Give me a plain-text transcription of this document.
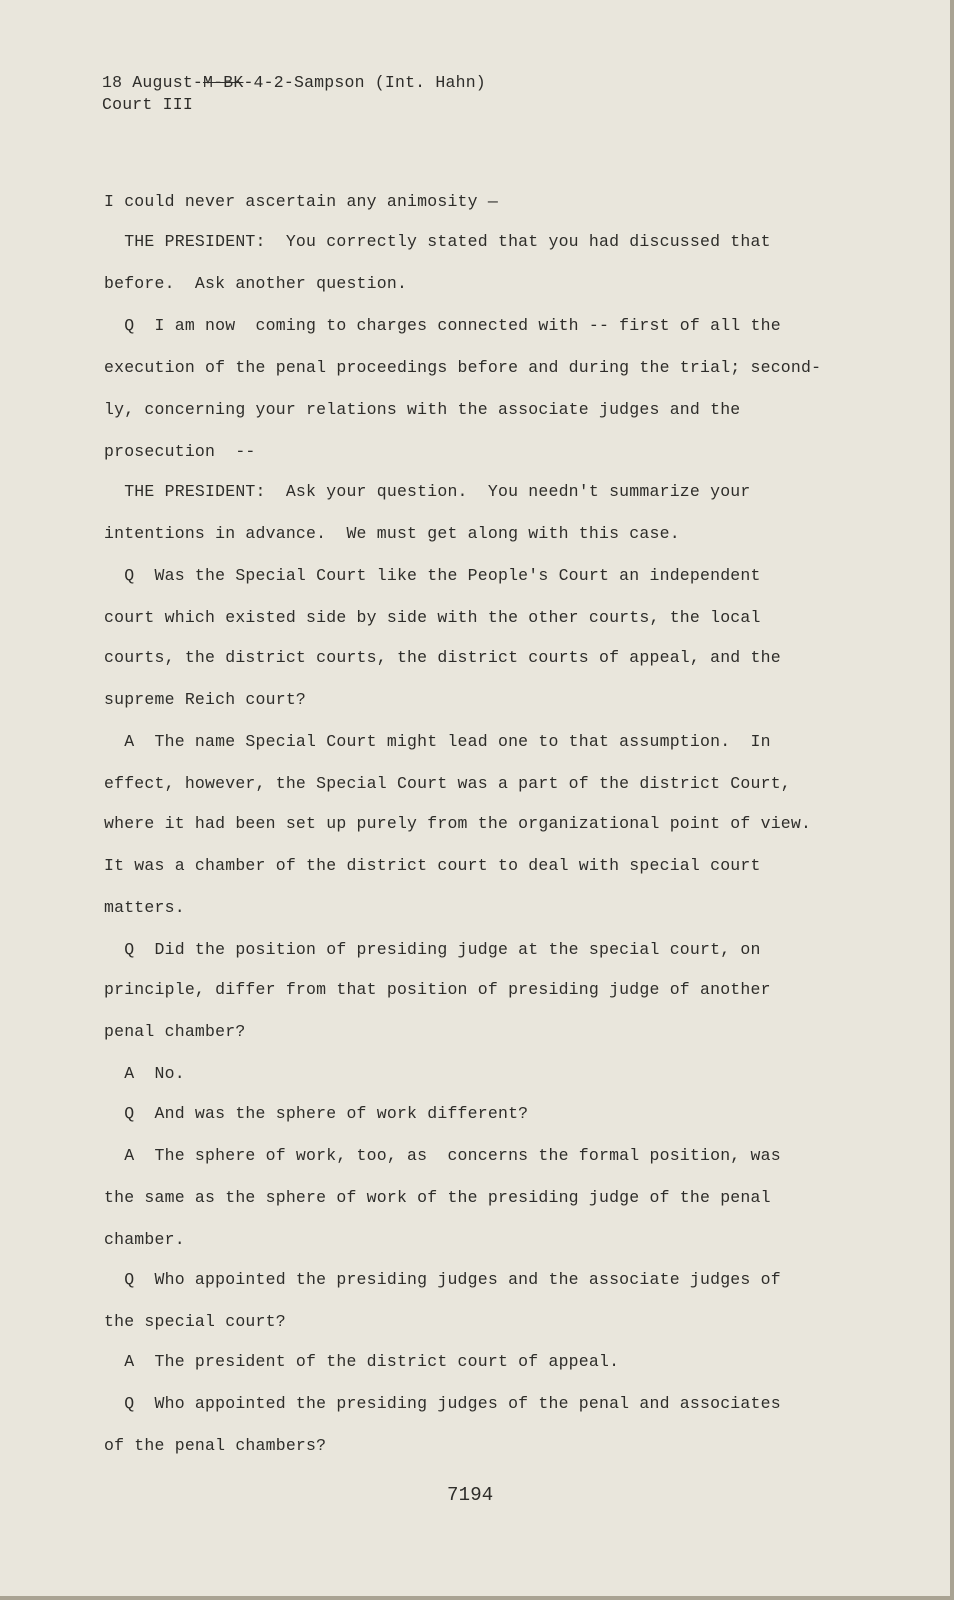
18 August-M-BK-4-2-Sampson (Int. Hahn)
Court III
I could never ascertain any animosity —
THE PRESIDENT:  You correctly stated that you had discussed that
before.  Ask another question.
Q  I am now  coming to charges connected with -- first of all the
execution of the penal proceedings before and during the trial; second-
ly, concerning your relations with the associate judges and the
prosecution  --
THE PRESIDENT:  Ask your question.  You needn't summarize your
intentions in advance.  We must get along with this case.
Q  Was the Special Court like the People's Court an independent
court which existed side by side with the other courts, the local
courts, the district courts, the district courts of appeal, and the
supreme Reich court?
A  The name Special Court might lead one to that assumption.  In
effect, however, the Special Court was a part of the district Court,
where it had been set up purely from the organizational point of view.
It was a chamber of the district court to deal with special court
matters.
Q  Did the position of presiding judge at the special court, on
principle, differ from that position of presiding judge of another
penal chamber?
A  No.
Q  And was the sphere of work different?
A  The sphere of work, too, as  concerns the formal position, was
the same as the sphere of work of the presiding judge of the penal
chamber.
Q  Who appointed the presiding judges and the associate judges of
the special court?
A  The president of the district court of appeal.
Q  Who appointed the presiding judges of the penal and associates
of the penal chambers?
7194
